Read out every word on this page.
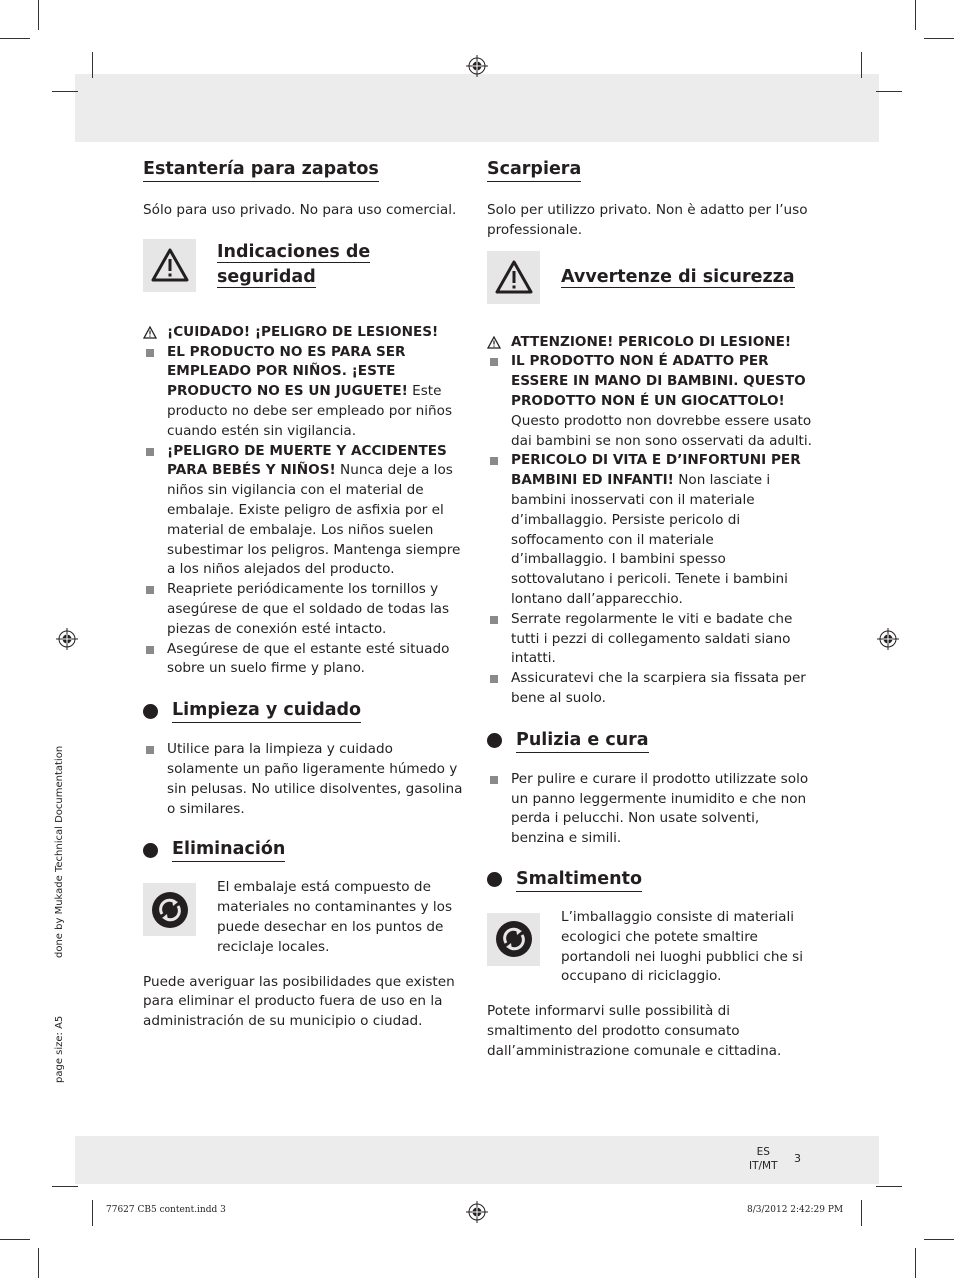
done by Mukade Technical Documentation
page size: A5
Estantería para zapatos

Sólo para uso privado. No para uso comercial.

Indicaciones de
seguridad
¡CUIDADO! ¡PELIGRO DE LESIONES!
EL PRODUCTO NO ES PARA SER EMPLEADO POR NIÑOS. ¡ESTE PRODUCTO NO ES UN JUGUETE! Este producto no debe ser empleado por niños cuando estén sin vigilancia.
¡PELIGRO DE MUERTE Y ACCIDENTES PARA BEBÉS Y NIÑOS! Nunca deje a los niños sin vigilancia con el material de embalaje. Existe peligro de asfixia por el material de embalaje. Los niños suelen subestimar los peligros. Mantenga siempre a los niños alejados del producto.
Reapriete periódicamente los tornillos y asegúrese de que el soldado de todas las piezas de conexión esté intacto.
Asegúrese de que el estante esté situado sobre un suelo firme y plano.
Limpieza y cuidado
Utilice para la limpieza y cuidado solamente un paño ligeramente húmedo y sin pelusas. No utilice disolventes, gasolina o similares.
Eliminación

El embalaje está compuesto de materiales no contaminantes y los puede desechar en los puntos de reciclaje locales.

Puede averiguar las posibilidades que existen para eliminar el producto fuera de uso en la administración de su municipio o ciudad.

Scarpiera

Solo per utilizzo privato. Non è adatto per l’uso professionale.

Avvertenze di sicurezza
ATTENZIONE! PERICOLO DI LESIONE!
IL PRODOTTO NON É ADATTO PER ESSERE IN MANO DI BAMBINI. QUESTO PRODOTTO NON É UN GIOCATTOLO! Questo prodotto non dovrebbe essere usato dai bambini se non sono osservati da adulti.
PERICOLO DI VITA E D’INFORTUNI PER BAMBINI ED INFANTI! Non lasciate i bambini inosservati con il materiale d’imballaggio. Persiste pericolo di soffocamento con il materiale d’imballaggio. I bambini spesso sottovalutano i pericoli. Tenete i bambini lontano dall’apparecchio.
Serrate regolarmente le viti e badate che tutti i pezzi di collegamento saldati siano intatti.
Assicuratevi che la scarpiera sia fissata per bene al suolo.
Pulizia e cura
Per pulire e curare il prodotto utilizzate solo un panno leggermente inumidito e che non perda i pelucchi. Non usate solventi, benzina e simili.
Smaltimento

L’imballaggio consiste di materiali ecologici che potete smaltire portandoli nei luoghi pubblici che si occupano di riciclaggio.

Potete informarvi sulle possibilità di smaltimento del prodotto consumato dall’amministrazione comunale e cittadina.

ES
IT/MT
3
77627 CB5 content.indd 3	8/3/2012 2:42:29 PM
